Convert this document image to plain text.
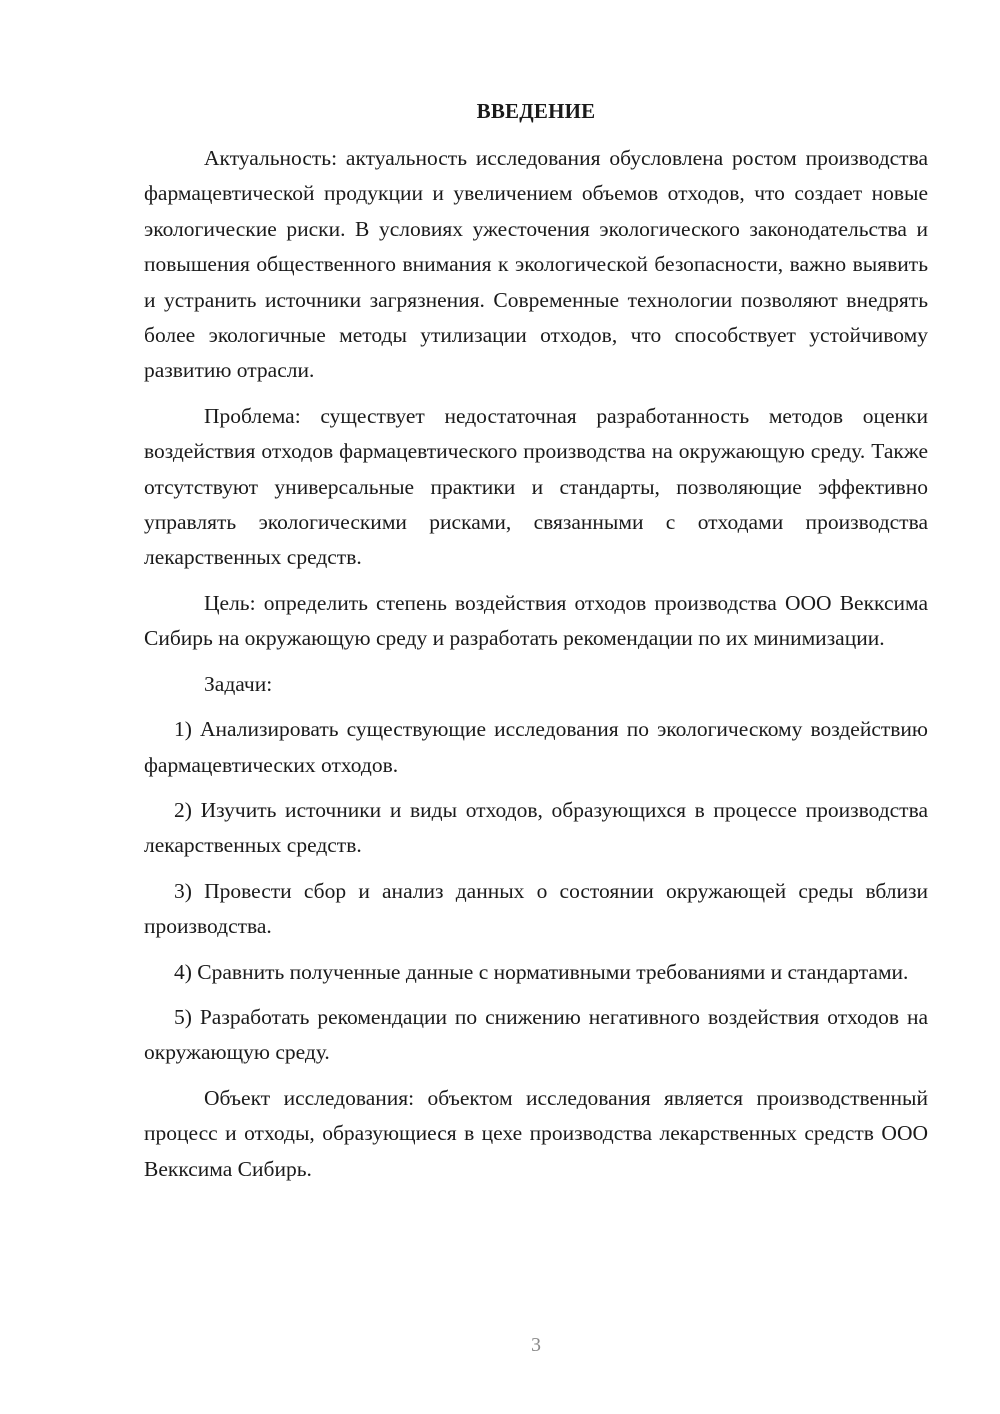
ВВЕДЕНИЕ

Актуальность: актуальность исследования обусловлена ростом производства фармацевтической продукции и увеличением объемов отходов, что создает новые экологические риски. В условиях ужесточения экологического законодательства и повышения общественного внимания к экологической безопасности, важно выявить и устранить источники загрязнения. Современные технологии позволяют внедрять более экологичные методы утилизации отходов, что способствует устойчивому развитию отрасли.

Проблема: существует недостаточная разработанность методов оценки воздействия отходов фармацевтического производства на окружающую среду. Также отсутствуют универсальные практики и стандарты, позволяющие эффективно управлять экологическими рисками, связанными с отходами производства лекарственных средств.

Цель: определить степень воздействия отходов производства ООО Векксима Сибирь на окружающую среду и разработать рекомендации по их минимизации.

Задачи:

1) Анализировать существующие исследования по экологическому воздействию фармацевтических отходов.

2) Изучить источники и виды отходов, образующихся в процессе производства лекарственных средств.

3) Провести сбор и анализ данных о состоянии окружающей среды вблизи производства.

4) Сравнить полученные данные с нормативными требованиями и стандартами.

5) Разработать рекомендации по снижению негативного воздействия отходов на окружающую среду.

Объект исследования: объектом исследования является производственный процесс и отходы, образующиеся в цехе производства лекарственных средств ООО Векксима Сибирь.

3
